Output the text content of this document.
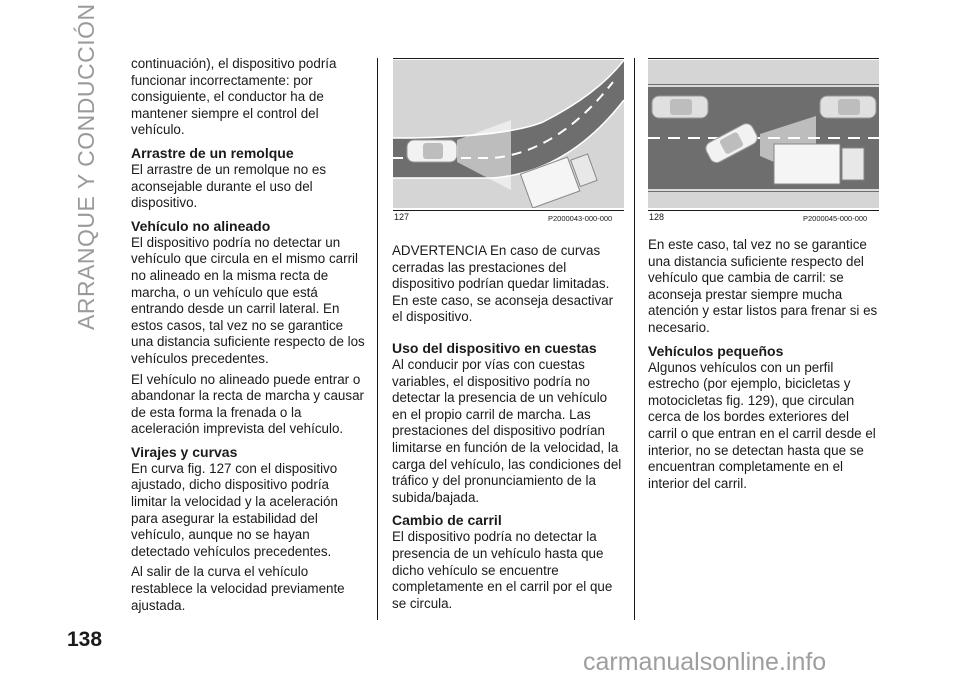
ARRANQUE Y CONDUCCIÓN	continuación), el dispositivo podría funcionar incorrectamente: por consiguiente, el conductor ha de mantener siempre el control del vehículo.

Arrastre de un remolque

El arrastre de un remolque no es aconsejable durante el uso del dispositivo.

Vehículo no alineado

El dispositivo podría no detectar un vehículo que circula en el mismo carril no alineado en la misma recta de marcha, o un vehículo que está entrando desde un carril lateral. En estos casos, tal vez no se garantice una distancia suficiente respecto de los vehículos precedentes.

El vehículo no alineado puede entrar o abandonar la recta de marcha y causar de esta forma la frenada o la aceleración imprevista del vehículo.

Virajes y curvas

En curva fig. 127 con el dispositivo ajustado, dicho dispositivo podría limitar la velocidad y la aceleración para asegurar la estabilidad del vehículo, aunque no se hayan detectado vehículos precedentes.

Al salir de la curva el vehículo restablece la velocidad previamente ajustada.

127	P2000043-000-000	128	P2000045-000-000

ADVERTENCIA En caso de curvas cerradas las prestaciones del dispositivo podrían quedar limitadas. En este caso, se aconseja desactivar el dispositivo.

Uso del dispositivo en cuestas

Al conducir por vías con cuestas variables, el dispositivo podría no detectar la presencia de un vehículo en el propio carril de marcha. Las prestaciones del dispositivo podrían limitarse en función de la velocidad, la carga del vehículo, las condiciones del tráfico y del pronunciamiento de la subida/bajada.

Cambio de carril

El dispositivo podría no detectar la presencia de un vehículo hasta que dicho vehículo se encuentre completamente en el carril por el que se circula.

En este caso, tal vez no se garantice una distancia suficiente respecto del vehículo que cambia de carril: se aconseja prestar siempre mucha atención y estar listos para frenar si es necesario.

Vehículos pequeños

Algunos vehículos con un perfil estrecho (por ejemplo, bicicletas y motocicletas fig. 129), que circulan cerca de los bordes exteriores del carril o que entran en el carril desde el interior, no se detectan hasta que se encuentran completamente en el interior del carril.

138
carmanualsonline.info
